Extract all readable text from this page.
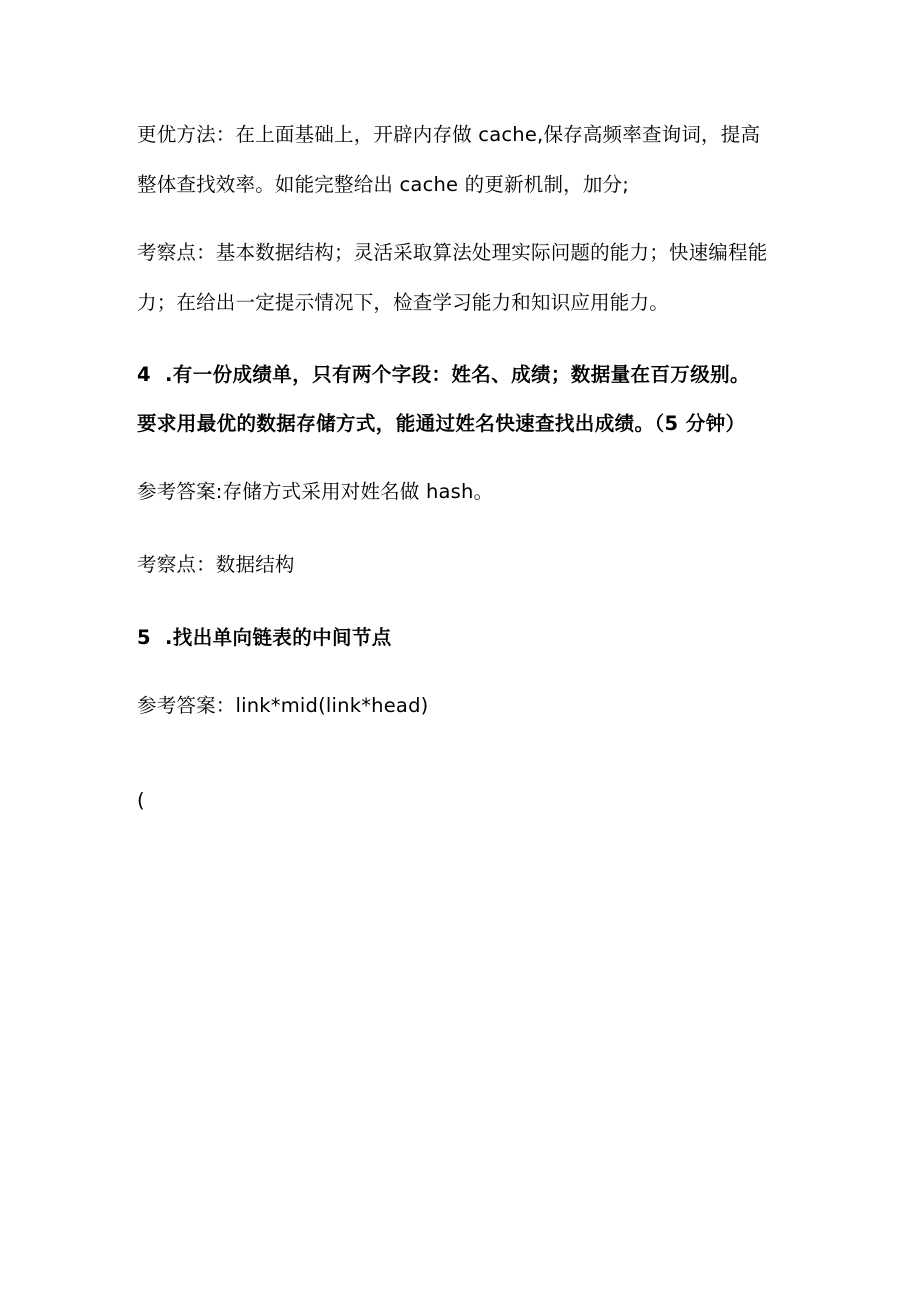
更优方法：在上面基础上，开辟内存做 cache,保存高频率查询词，提高
整体查找效率。如能完整给出 cache 的更新机制，加分;
考察点：基本数据结构；灵活采取算法处理实际问题的能力；快速编程能
力；在给出一定提示情况下，检查学习能力和知识应用能力。
4 .有一份成绩单，只有两个字段：姓名、成绩；数据量在百万级别。
要求用最优的数据存储方式，能通过姓名快速查找出成绩。（5 分钟）
参考答案:存储方式采用对姓名做 hash。
考察点：数据结构
5 .找出单向链表的中间节点
参考答案：link*mid(link*head)
(
